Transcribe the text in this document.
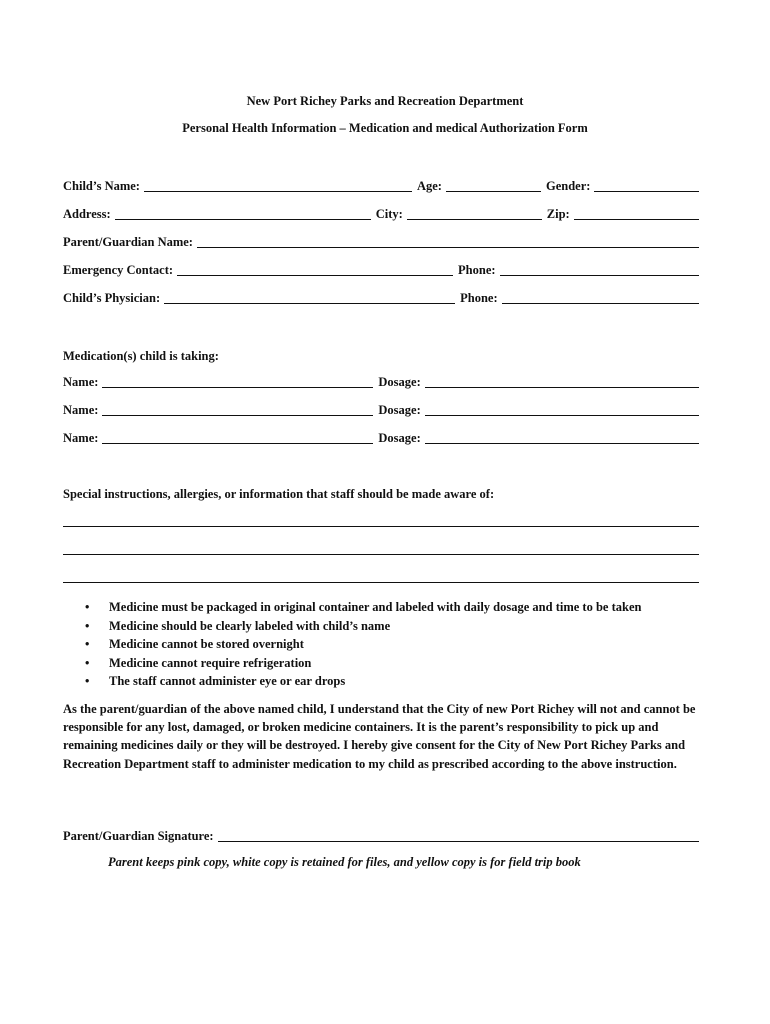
New Port Richey Parks and Recreation Department
Personal Health Information – Medication and medical Authorization Form
Child’s Name:	Age:	Gender:
Address:	City:	Zip:
Parent/Guardian Name:
Emergency Contact:	Phone:
Child’s Physician:	Phone:
Medication(s) child is taking:
Name:	Dosage:
Name:	Dosage:
Name:	Dosage:
Special instructions, allergies, or information that staff should be made aware of:
• Medicine must be packaged in original container and labeled with daily dosage and time to be taken
• Medicine should be clearly labeled with child’s name
• Medicine cannot be stored overnight
• Medicine cannot require refrigeration
• The staff cannot administer eye or ear drops
As the parent/guardian of the above named child, I understand that the City of new Port Richey will not and cannot be responsible for any lost, damaged, or broken medicine containers. It is the parent’s responsibility to pick up and remaining medicines daily or they will be destroyed. I hereby give consent for the City of New Port Richey Parks and Recreation Department staff to administer medication to my child as prescribed according to the above instruction.
Parent/Guardian Signature:
Parent keeps pink copy, white copy is retained for files, and yellow copy is for field trip book
